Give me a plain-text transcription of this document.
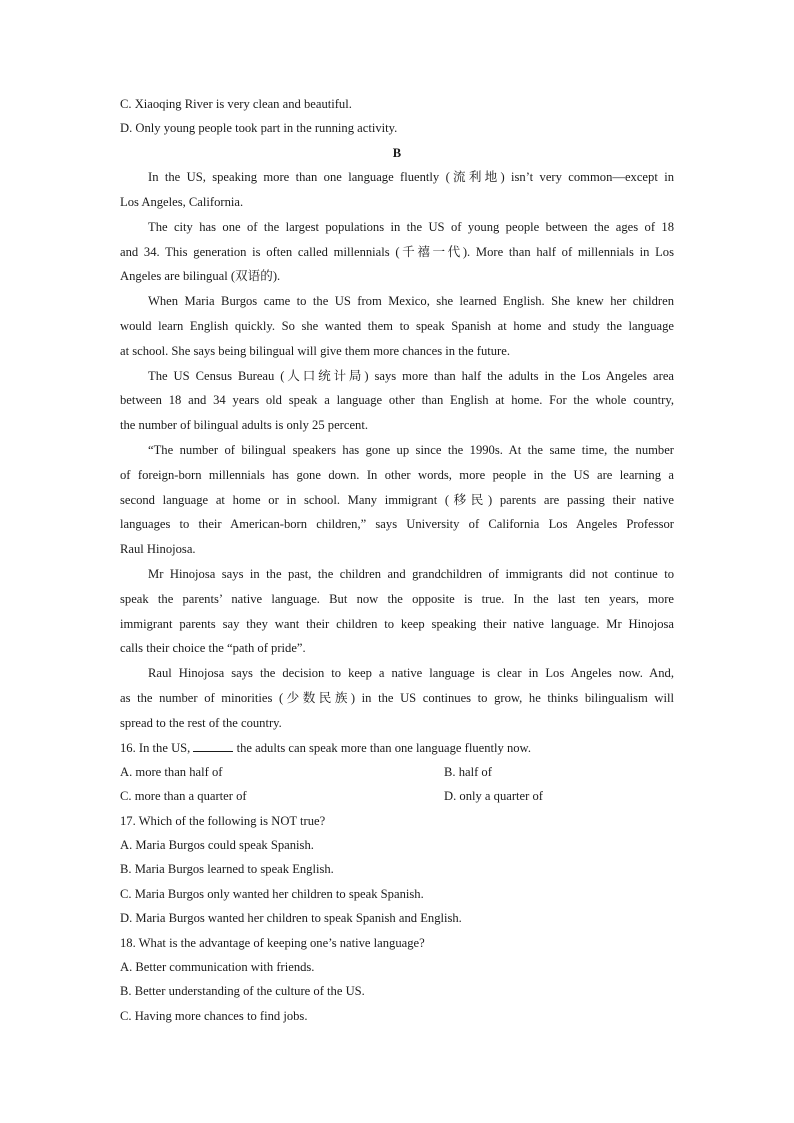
C. Xiaoqing River is very clean and beautiful.
D. Only young people took part in the running activity.
B
In the US, speaking more than one language fluently (流利地) isn’t very common—except in
Los Angeles, California.
The city has one of the largest populations in the US of young people between the ages of 18
and 34. This generation is often called millennials (千禧一代). More than half of millennials in Los
Angeles are bilingual (双语的).
When Maria Burgos came to the US from Mexico, she learned English. She knew her children
would learn English quickly. So she wanted them to speak Spanish at home and study the language
at school. She says being bilingual will give them more chances in the future.
The US Census Bureau (人口统计局) says more than half the adults in the Los Angeles area
between 18 and 34 years old speak a language other than English at home. For the whole country,
the number of bilingual adults is only 25 percent.
“The number of bilingual speakers has gone up since the 1990s. At the same time, the number
of foreign-born millennials has gone down. In other words, more people in the US are learning a
second language at home or in school. Many immigrant (移民) parents are passing their native
languages to their American-born children,” says University of California Los Angeles Professor
Raul Hinojosa.
Mr Hinojosa says in the past, the children and grandchildren of immigrants did not continue to
speak the parents’ native language. But now the opposite is true. In the last ten years, more
immigrant parents say they want their children to keep speaking their native language. Mr Hinojosa
calls their choice the “path of pride”.
Raul Hinojosa says the decision to keep a native language is clear in Los Angeles now. And,
as the number of minorities (少数民族) in the US continues to grow, he thinks bilingualism will
spread to the rest of the country.
16. In the US,	the adults can speak more than one language fluently now.
A. more than half of	B. half of
C. more than a quarter of	D. only a quarter of
17. Which of the following is NOT true?
A. Maria Burgos could speak Spanish.
B. Maria Burgos learned to speak English.
C. Maria Burgos only wanted her children to speak Spanish.
D. Maria Burgos wanted her children to speak Spanish and English.
18. What is the advantage of keeping one’s native language?
A. Better communication with friends.
B. Better understanding of the culture of the US.
C. Having more chances to find jobs.
